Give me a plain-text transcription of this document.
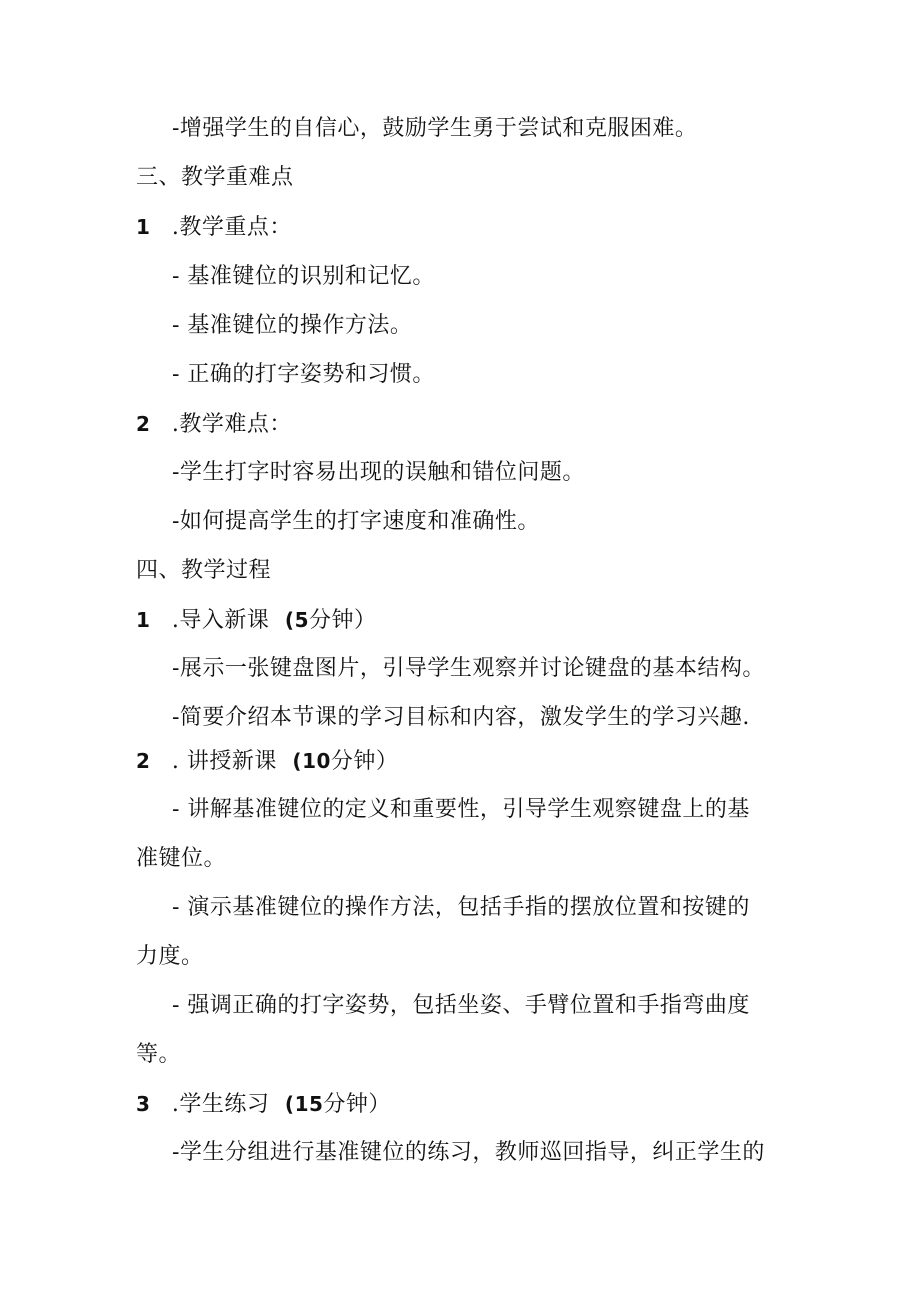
-增强学生的自信心，鼓励学生勇于尝试和克服困难。
三、教学重难点
1 .教学重点：
- 基准键位的识别和记忆。
- 基准键位的操作方法。
- 正确的打字姿势和习惯。
2 .教学难点：
-学生打字时容易出现的误触和错位问题。
-如何提高学生的打字速度和准确性。
四、教学过程
1 .导入新课 (5分钟）
-展示一张键盘图片，引导学生观察并讨论键盘的基本结构。
-简要介绍本节课的学习目标和内容，激发学生的学习兴趣.
2 . 讲授新课 (10分钟）
- 讲解基准键位的定义和重要性，引导学生观察键盘上的基
准键位。
- 演示基准键位的操作方法，包括手指的摆放位置和按键的
力度。
- 强调正确的打字姿势，包括坐姿、手臂位置和手指弯曲度
等。
3 .学生练习 (15分钟）
-学生分组进行基准键位的练习，教师巡回指导，纠正学生的
